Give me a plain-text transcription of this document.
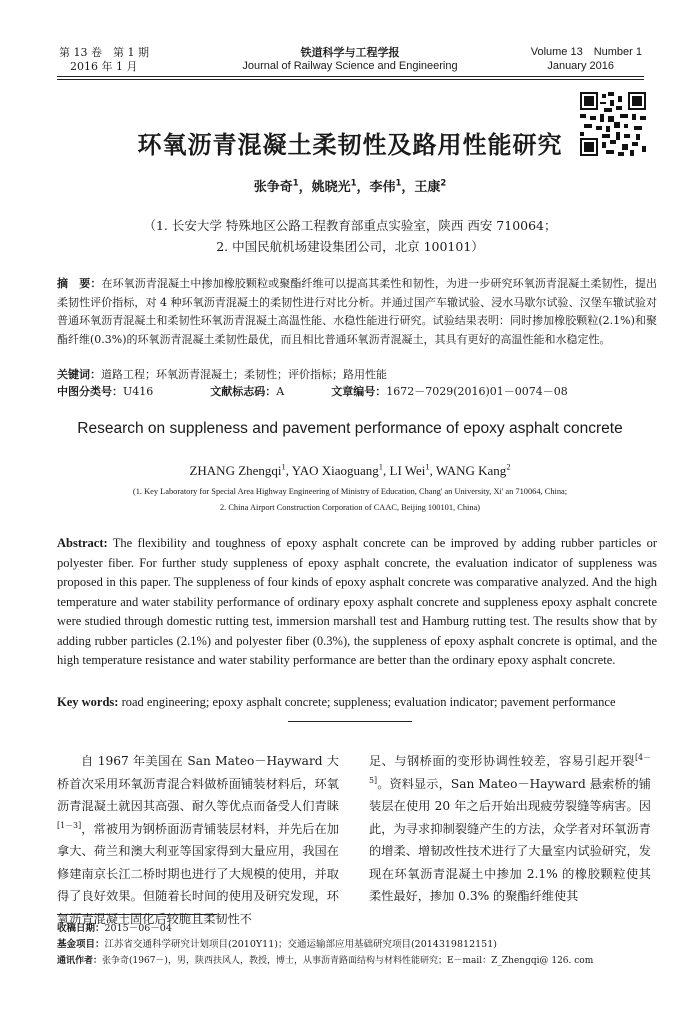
第 13 卷　第 1 期
2016 年 1 月
铁道科学与工程学报
Journal of Railway Science and Engineering
Volume 13　Number 1
January 2016
环氧沥青混凝土柔韧性及路用性能研究
张争奇$^1$，姚晓光$^1$，李伟$^1$，王康$^2$
（1. 长安大学 特殊地区公路工程教育部重点实验室，陕西 西安 710064；
2. 中国民航机场建设集团公司，北京 100101）
摘　要：在环氧沥青混凝土中掺加橡胶颗粒或聚酯纤维可以提高其柔性和韧性，为进一步研究环氧沥青混凝土柔韧性，提出柔韧性评价指标，对 4 种环氧沥青混凝土的柔韧性进行对比分析。并通过国产车辙试验、浸水马歇尔试验、汉堡车辙试验对普通环氧沥青混凝土和柔韧性环氧沥青混凝土高温性能、水稳性能进行研究。试验结果表明：同时掺加橡胶颗粒(2.1%)和聚酯纤维(0.3%)的环氧沥青混凝土柔韧性最优，而且相比普通环氧沥青混凝土，其具有更好的高温性能和水稳定性。
关键词：道路工程；环氧沥青混凝土；柔韧性；评价指标；路用性能
中图分类号：U416	文献标志码：A	文章编号：1672－7029(2016)01－0074－08
Research on suppleness and pavement performance of epoxy asphalt concrete
ZHANG Zhengqi$^1$, YAO Xiaoguang$^1$, LI Wei$^1$, WANG Kang$^2$
(1. Key Laboratory for Special Area Highway Engineering of Ministry of Education, Chang' an University, Xi' an 710064, China;
2. China Airport Construction Corporation of CAAC, Beijing 100101, China)
Abstract: The flexibility and toughness of epoxy asphalt concrete can be improved by adding rubber particles or polyester fiber. For further study suppleness of epoxy asphalt concrete, the evaluation indicator of suppleness was proposed in this paper. The suppleness of four kinds of epoxy asphalt concrete was comparative analyzed. And the high temperature and water stability performance of ordinary epoxy asphalt concrete and suppleness epoxy asphalt concrete were studied through domestic rutting test, immersion marshall test and Hamburg rutting test. The results show that by adding rubber particles (2.1%) and polyester fiber (0.3%), the suppleness of epoxy asphalt concrete is optimal, and the high temperature resistance and water stability performance are better than the ordinary epoxy asphalt concrete.
Key words: road engineering; epoxy asphalt concrete; suppleness; evaluation indicator; pavement performance
自 1967 年美国在 San Mateo－Hayward 大桥首次采用环氧沥青混合料做桥面铺装材料后，环氧沥青混凝土就因其高强、耐久等优点而备受人们青睐[1－3]，常被用为钢桥面沥青铺装层材料，并先后在加拿大、荷兰和澳大利亚等国家得到大量应用，我国在修建南京长江二桥时期也进行了大规模的使用，并取得了良好效果。但随着长时间的使用及研究发现，环氧沥青混凝土固化后较脆且柔韧性不
足、与钢桥面的变形协调性较差，容易引起开裂[4－5]。资料显示，San Mateo－Hayward 悬索桥的铺装层在使用 20 年之后开始出现疲劳裂缝等病害。因此，为寻求抑制裂缝产生的方法，众学者对环氧沥青的增柔、增韧改性技术进行了大量室内试验研究，发现在环氧沥青混凝土中掺加 2.1% 的橡胶颗粒使其柔性最好，掺加 0.3% 的聚酯纤维使其
收稿日期：2015－06－04
基金项目：江苏省交通科学研究计划项目(2010Y11)；交通运输部应用基础研究项目(2014319812151)
通讯作者：张争奇(1967－)，男，陕西扶风人，教授，博士，从事沥青路面结构与材料性能研究；E－mail：Z_Zhengqi@ 126. com
